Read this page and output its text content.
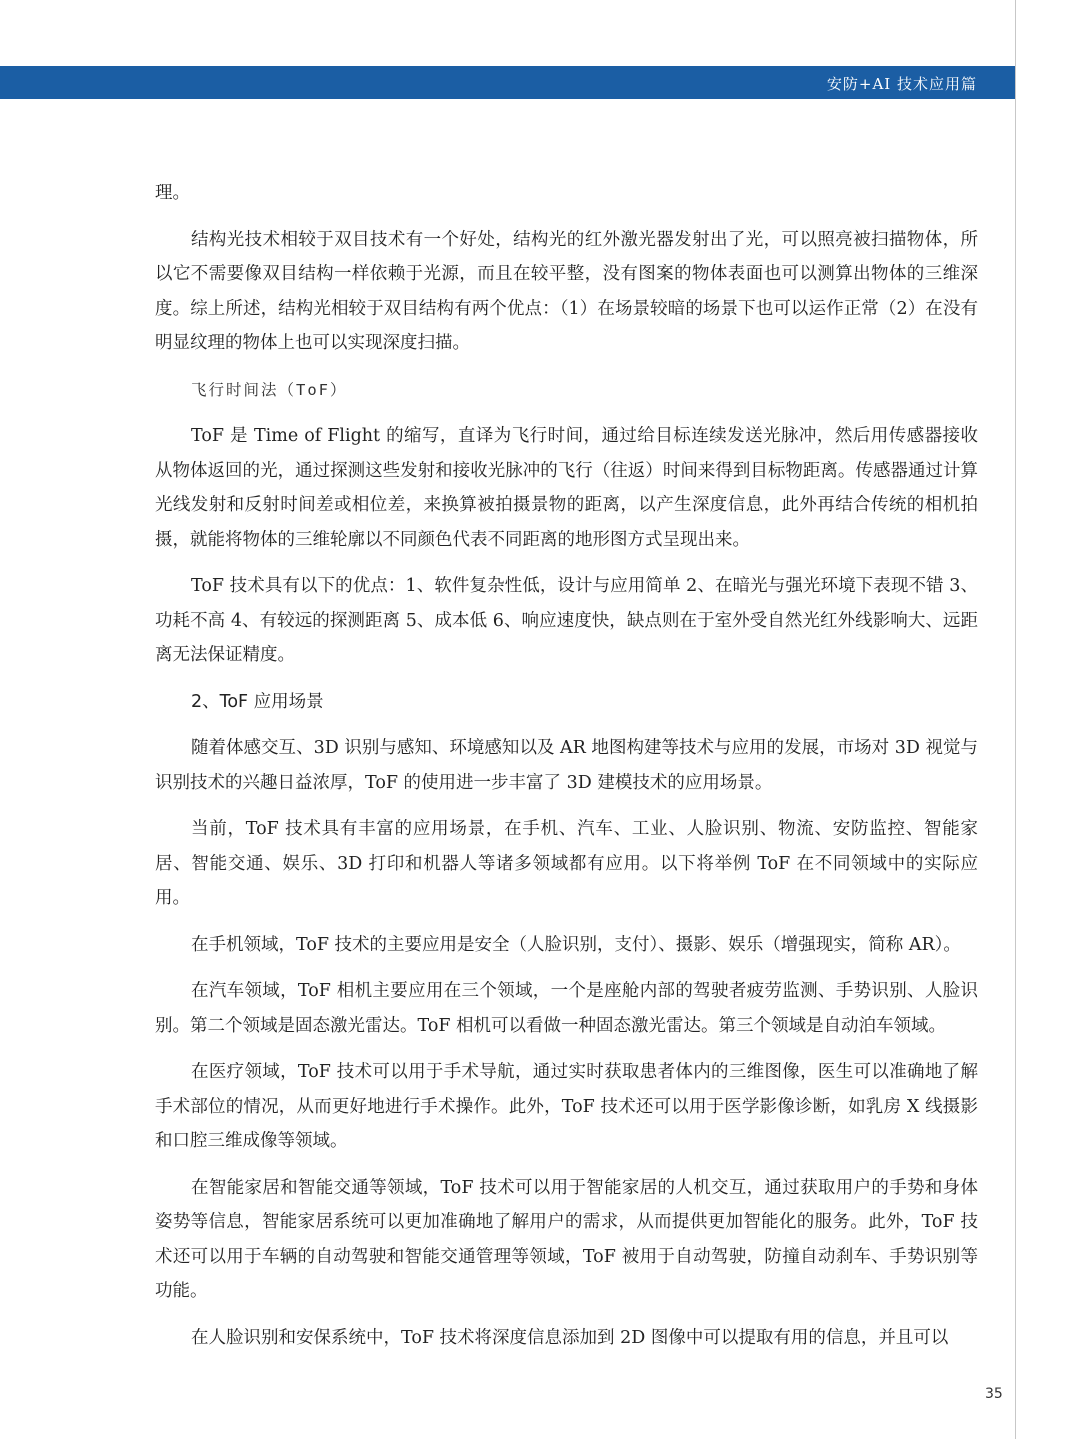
安防+AI 技术应用篇

理。

结构光技术相较于双目技术有一个好处，结构光的红外激光器发射出了光，可以照亮被扫描物体，所以它不需要像双目结构一样依赖于光源，而且在较平整，没有图案的物体表面也可以测算出物体的三维深度。综上所述，结构光相较于双目结构有两个优点：（1）在场景较暗的场景下也可以运作正常（2）在没有明显纹理的物体上也可以实现深度扫描。

飞行时间法（ToF）

ToF 是 Time of Flight 的缩写，直译为飞行时间，通过给目标连续发送光脉冲，然后用传感器接收从物体返回的光，通过探测这些发射和接收光脉冲的飞行（往返）时间来得到目标物距离。传感器通过计算光线发射和反射时间差或相位差，来换算被拍摄景物的距离，以产生深度信息，此外再结合传统的相机拍摄，就能将物体的三维轮廓以不同颜色代表不同距离的地形图方式呈现出来。

ToF 技术具有以下的优点：1、软件复杂性低，设计与应用简单 2、在暗光与强光环境下表现不错 3、功耗不高 4、有较远的探测距离 5、成本低 6、响应速度快，缺点则在于室外受自然光红外线影响大、远距离无法保证精度。

2、ToF 应用场景

随着体感交互、3D 识别与感知、环境感知以及 AR 地图构建等技术与应用的发展，市场对 3D 视觉与识别技术的兴趣日益浓厚，ToF 的使用进一步丰富了 3D 建模技术的应用场景。

当前，ToF 技术具有丰富的应用场景，在手机、汽车、工业、人脸识别、物流、安防监控、智能家居、智能交通、娱乐、3D 打印和机器人等诸多领域都有应用。以下将举例 ToF 在不同领域中的实际应用。

在手机领域，ToF 技术的主要应用是安全（人脸识别，支付）、摄影、娱乐（增强现实，简称 AR）。

在汽车领域，ToF 相机主要应用在三个领域，一个是座舱内部的驾驶者疲劳监测、手势识别、人脸识别。第二个领域是固态激光雷达。ToF 相机可以看做一种固态激光雷达。第三个领域是自动泊车领域。

在医疗领域，ToF 技术可以用于手术导航，通过实时获取患者体内的三维图像，医生可以准确地了解手术部位的情况，从而更好地进行手术操作。此外，ToF 技术还可以用于医学影像诊断，如乳房 X 线摄影和口腔三维成像等领域。

在智能家居和智能交通等领域，ToF 技术可以用于智能家居的人机交互，通过获取用户的手势和身体姿势等信息，智能家居系统可以更加准确地了解用户的需求，从而提供更加智能化的服务。此外，ToF 技术还可以用于车辆的自动驾驶和智能交通管理等领域，ToF 被用于自动驾驶，防撞自动刹车、手势识别等功能。

在人脸识别和安保系统中，ToF 技术将深度信息添加到 2D 图像中可以提取有用的信息，并且可以

35
